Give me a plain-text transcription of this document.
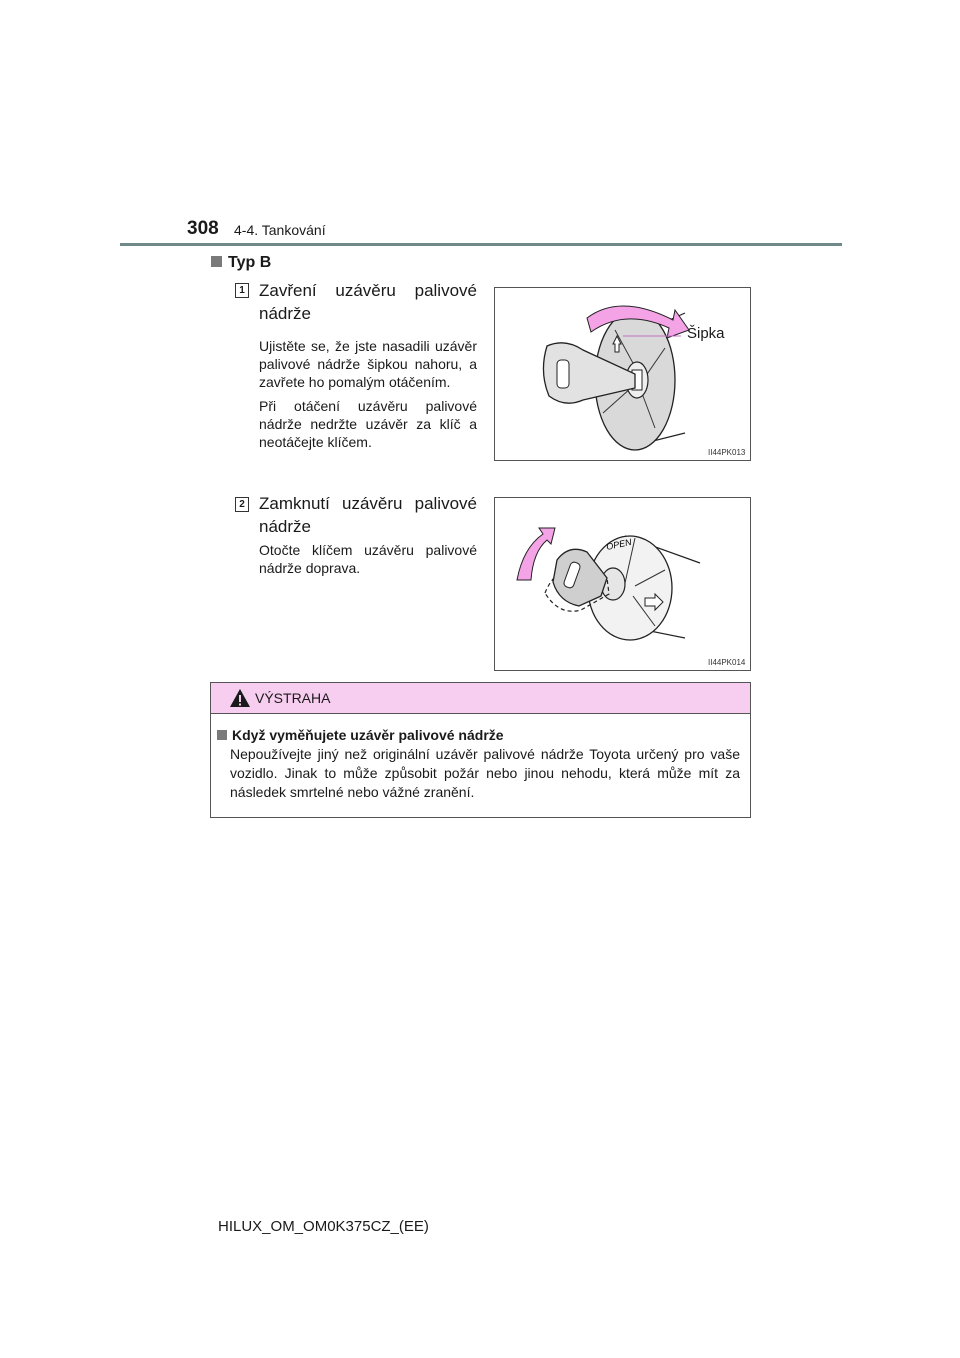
308 4-4. Tankování
Typ B
1 Zavření uzávěru palivové nádrže

Ujistěte se, že jste nasadili uzávěr palivové nádrže šipkou nahoru, a zavřete ho pomalým otáčením.

Při otáčení uzávěru palivové nádrže nedržte uzávěr za klíč a neotáčejte klíčem.

Šipka
II44PK013
2 Zamknutí uzávěru palivové nádrže

Otočte klíčem uzávěru palivové nádrže doprava.

OPEN
II44PK014
VÝSTRAHA
Když vyměňujete uzávěr palivové nádrže
Nepoužívejte jiný než originální uzávěr palivové nádrže Toyota určený pro vaše vozidlo. Jinak to může způsobit požár nebo jinou nehodu, která může mít za následek smrtelné nebo vážné zranění.
HILUX_OM_OM0K375CZ_(EE)
